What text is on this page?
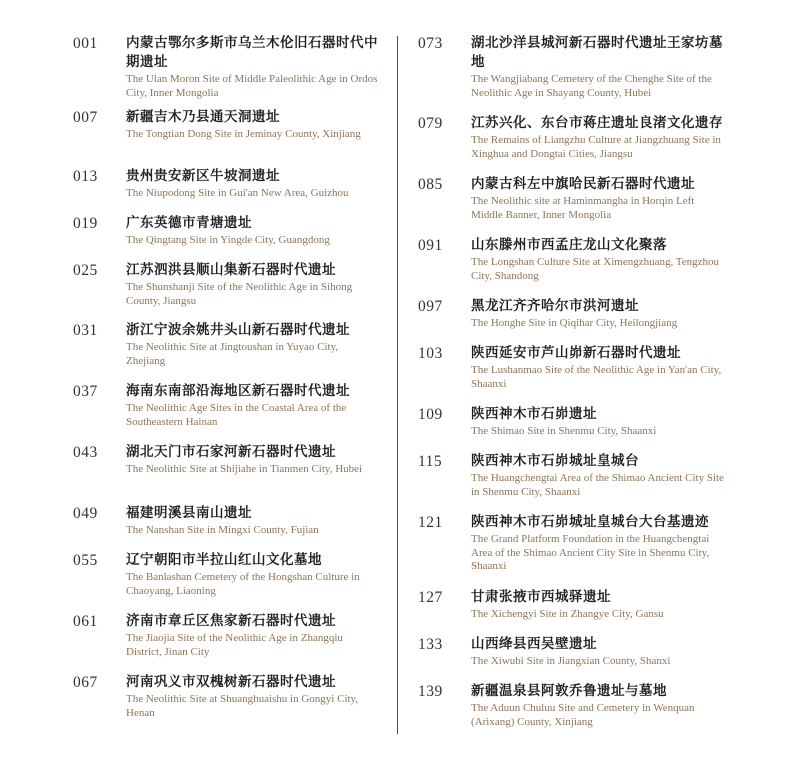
001 内蒙古鄂尔多斯市乌兰木伦旧石器时代中期遗址
The Ulan Moron Site of Middle Paleolithic Age in Ordos City, Inner Mongolia
007 新疆吉木乃县通天洞遗址
The Tongtian Dong Site in Jeminay County, Xinjiang
013 贵州贵安新区牛坡洞遗址
The Niupodong Site in Gui'an New Area, Guizhou
019 广东英德市青塘遗址
The Qingtang Site in Yingde City, Guangdong
025 江苏泗洪县顺山集新石器时代遗址
The Shunshanji Site of the Neolithic Age in Sihong County, Jiangsu
031 浙江宁波余姚井头山新石器时代遗址
The Neolithic Site at Jingtoushan in Yuyao City, Zhejiang
037 海南东南部沿海地区新石器时代遗址
The Neolithic Age Sites in the Coastal Area of the Southeastern Hainan
043 湖北天门市石家河新石器时代遗址
The Neolithic Site at Shijiahe in Tianmen City, Hubei
049 福建明溪县南山遗址
The Nanshan Site in Mingxi County, Fujian
055 辽宁朝阳市半拉山红山文化墓地
The Banlashan Cemetery of the Hongshan Culture in Chaoyang, Liaoning
061 济南市章丘区焦家新石器时代遗址
The Jiaojia Site of the Neolithic Age in Zhangqiu District, Jinan City
067 河南巩义市双槐树新石器时代遗址
The Neolithic Site at Shuanghuaishu in Gongyi City, Henan
073 湖北沙洋县城河新石器时代遗址王家坊墓地
The Wangjiabang Cemetery of the Chenghe Site of the Neolithic Age in Shayang County, Hubei
079 江苏兴化、东台市蒋庄遗址良渚文化遗存
The Remains of Liangzhu Culture at Jiangzhuang Site in Xinghua and Dongtai Cities, Jiangsu
085 内蒙古科左中旗哈民新石器时代遗址
The Neolithic site at Haminmangha in Horqin Left Middle Banner, Inner Mongolia
091 山东滕州市西孟庄龙山文化聚落
The Longshan Culture Site at Ximengzhuang, Tengzhou City, Shandong
097 黑龙江齐齐哈尔市洪河遗址
The Honghe Site in Qiqihar City, Heilongjiang
103 陕西延安市芦山峁新石器时代遗址
The Lushanmao Site of the Neolithic Age in Yan'an City, Shaanxi
109 陕西神木市石峁遗址
The Shimao Site in Shenmu City, Shaanxi
115 陕西神木市石峁城址皇城台
The Huangchengtai Area of the Shimao Ancient City Site in Shenmu City, Shaanxi
121 陕西神木市石峁城址皇城台大台基遗迹
The Grand Platform Foundation in the Huangchengtai Area of the Shimao Ancient City Site in Shenmu City, Shaanxi
127 甘肃张掖市西城驿遗址
The Xichengyi Site in Zhangye City, Gansu
133 山西绛县西吴壁遗址
The Xiwubi Site in Jiangxian County, Shanxi
139 新疆温泉县阿敦乔鲁遗址与墓地
The Aduun Chuluu Site and Cemetery in Wenquan (Arixang) County, Xinjiang
